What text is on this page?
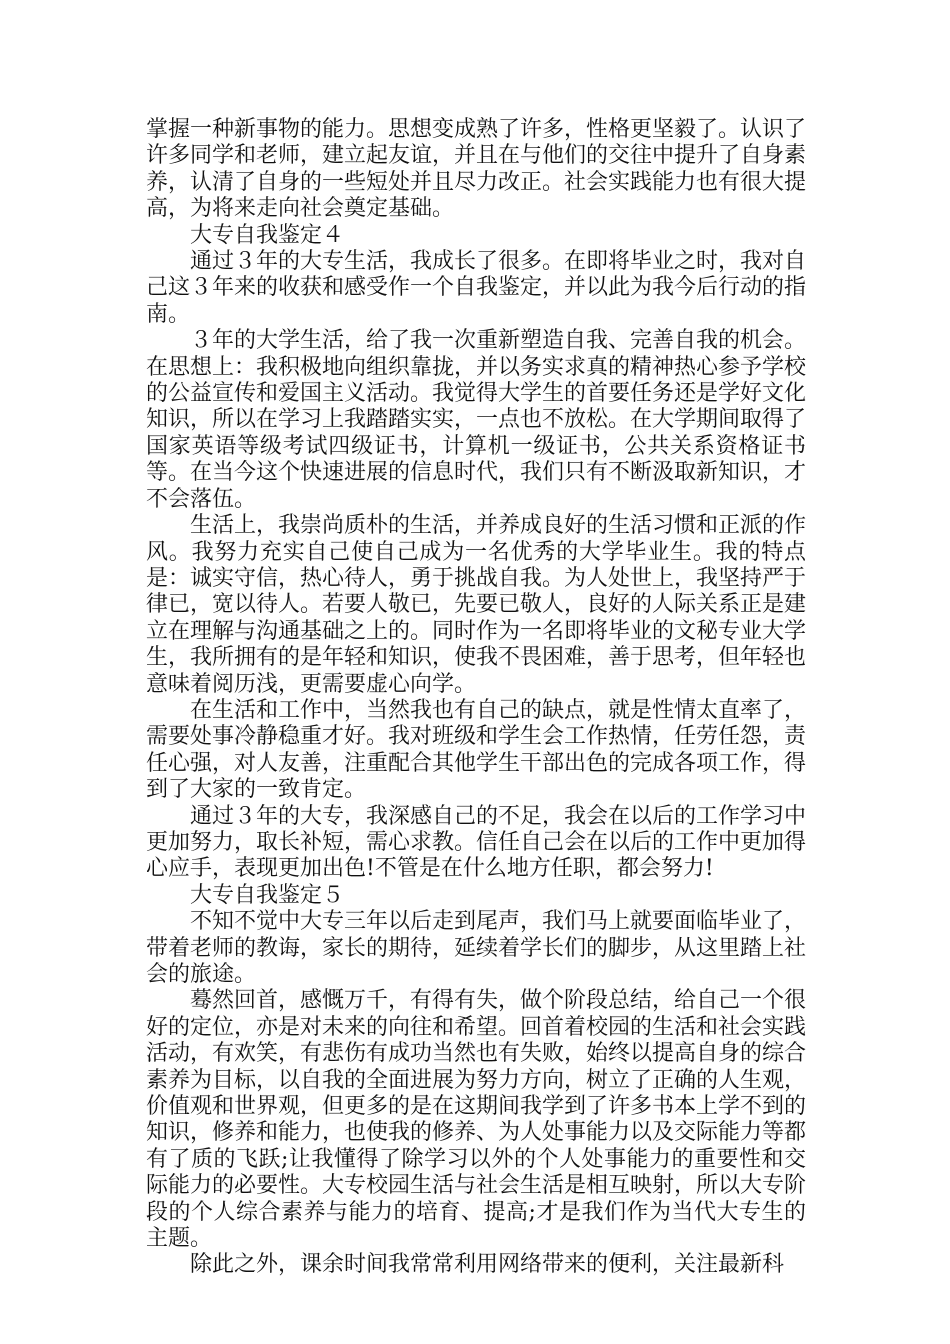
掌握一种新事物的能力。思想变成熟了许多，性格更坚毅了。认识了许多同学和老师，建立起友谊，并且在与他们的交往中提升了自身素养，认清了自身的一些短处并且尽力改正。社会实践能力也有很大提高，为将来走向社会奠定基础。

大专自我鉴定４

通过３年的大专生活，我成长了很多。在即将毕业之时，我对自己这３年来的收获和感受作一个自我鉴定，并以此为我今后行动的指南。

３年的大学生活，给了我一次重新塑造自我、完善自我的机会。在思想上：我积极地向组织靠拢，并以务实求真的精神热心参予学校的公益宣传和爱国主义活动。我觉得大学生的首要任务还是学好文化知识，所以在学习上我踏踏实实，一点也不放松。在大学期间取得了国家英语等级考试四级证书，计算机一级证书，公共关系资格证书等。在当今这个快速进展的信息时代，我们只有不断汲取新知识，才不会落伍。

生活上，我崇尚质朴的生活，并养成良好的生活习惯和正派的作风。我努力充实自己使自己成为一名优秀的大学毕业生。我的特点是：诚实守信，热心待人，勇于挑战自我。为人处世上，我坚持严于律已，宽以待人。若要人敬已，先要已敬人，良好的人际关系正是建立在理解与沟通基础之上的。同时作为一名即将毕业的文秘专业大学生，我所拥有的是年轻和知识，使我不畏困难，善于思考，但年轻也意味着阅历浅，更需要虚心向学。

在生活和工作中，当然我也有自己的缺点，就是性情太直率了，需要处事冷静稳重才好。我对班级和学生会工作热情，任劳任怨，责任心强，对人友善，注重配合其他学生干部出色的完成各项工作，得到了大家的一致肯定。

通过３年的大专，我深感自己的不足，我会在以后的工作学习中更加努力，取长补短，需心求教。信任自己会在以后的工作中更加得心应手，表现更加出色!不管是在什么地方任职，都会努力!

大专自我鉴定５

不知不觉中大专三年以后走到尾声，我们马上就要面临毕业了，带着老师的教诲，家长的期待，延续着学长们的脚步，从这里踏上社会的旅途。

蓦然回首，感慨万千，有得有失，做个阶段总结，给自己一个很好的定位，亦是对未来的向往和希望。回首着校园的生活和社会实践活动，有欢笑，有悲伤有成功当然也有失败，始终以提高自身的综合素养为目标，以自我的全面进展为努力方向，树立了正确的人生观，价值观和世界观，但更多的是在这期间我学到了许多书本上学不到的知识，修养和能力，也使我的修养、为人处事能力以及交际能力等都有了质的飞跃;让我懂得了除学习以外的个人处事能力的重要性和交际能力的必要性。大专校园生活与社会生活是相互映射，所以大专阶段的个人综合素养与能力的培育、提高;才是我们作为当代大专生的主题。

除此之外，课余时间我常常利用网络带来的便利，关注最新科
